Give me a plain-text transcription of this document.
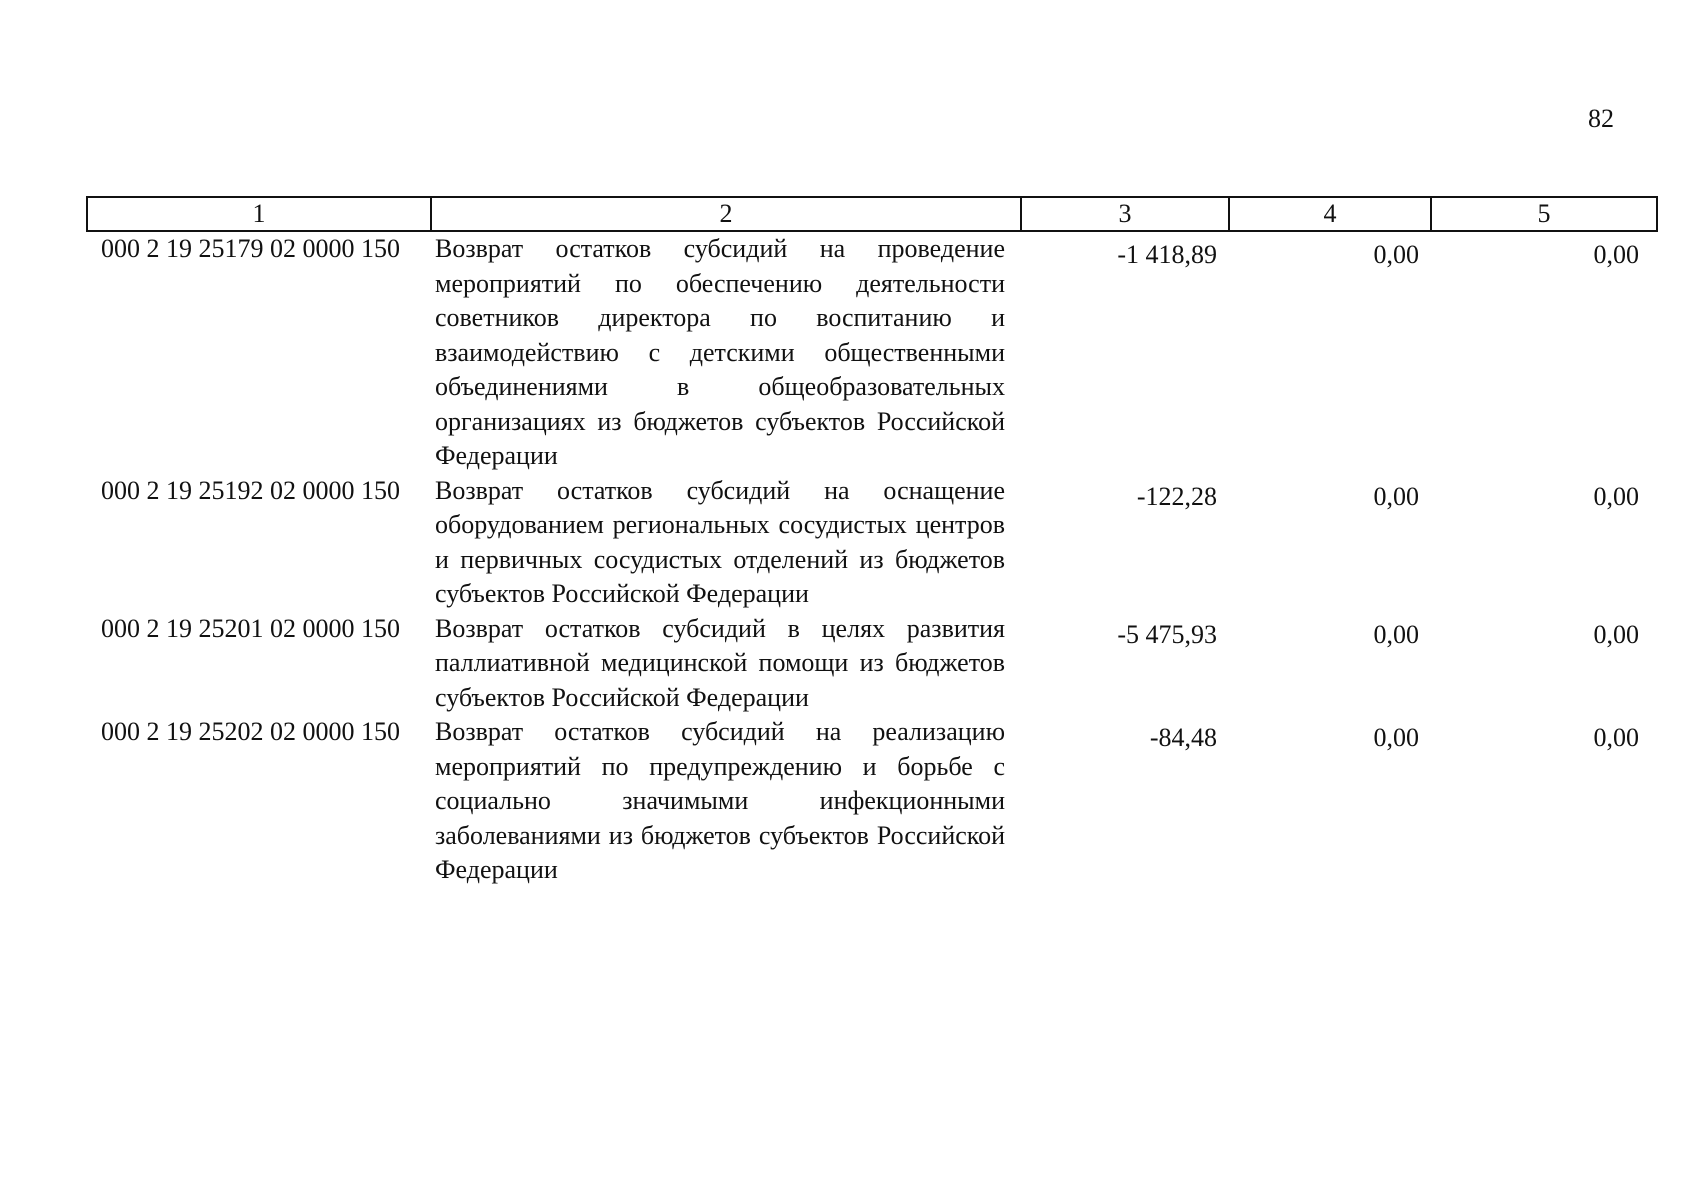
82
1	2	3	4	5
000 2 19 25179 02 0000 150	Возврат остатков субсидий на проведение мероприятий по обеспечению деятельности советников директора по воспитанию и взаимодействию с детскими общественными объединениями в общеобразовательных организациях из бюджетов субъектов Российской Федерации	-1 418,89	0,00	0,00
000 2 19 25192 02 0000 150	Возврат остатков субсидий на оснащение оборудованием региональных сосудистых центров и первичных сосудистых отделений из бюджетов субъектов Российской Федерации	-122,28	0,00	0,00
000 2 19 25201 02 0000 150	Возврат остатков субсидий в целях развития паллиативной медицинской помощи из бюджетов субъектов Российской Федерации	-5 475,93	0,00	0,00
000 2 19 25202 02 0000 150	Возврат остатков субсидий на реализацию мероприятий по предупреждению и борьбе с социально значимыми инфекционными заболеваниями из бюджетов субъектов Российской Федерации	-84,48	0,00	0,00
